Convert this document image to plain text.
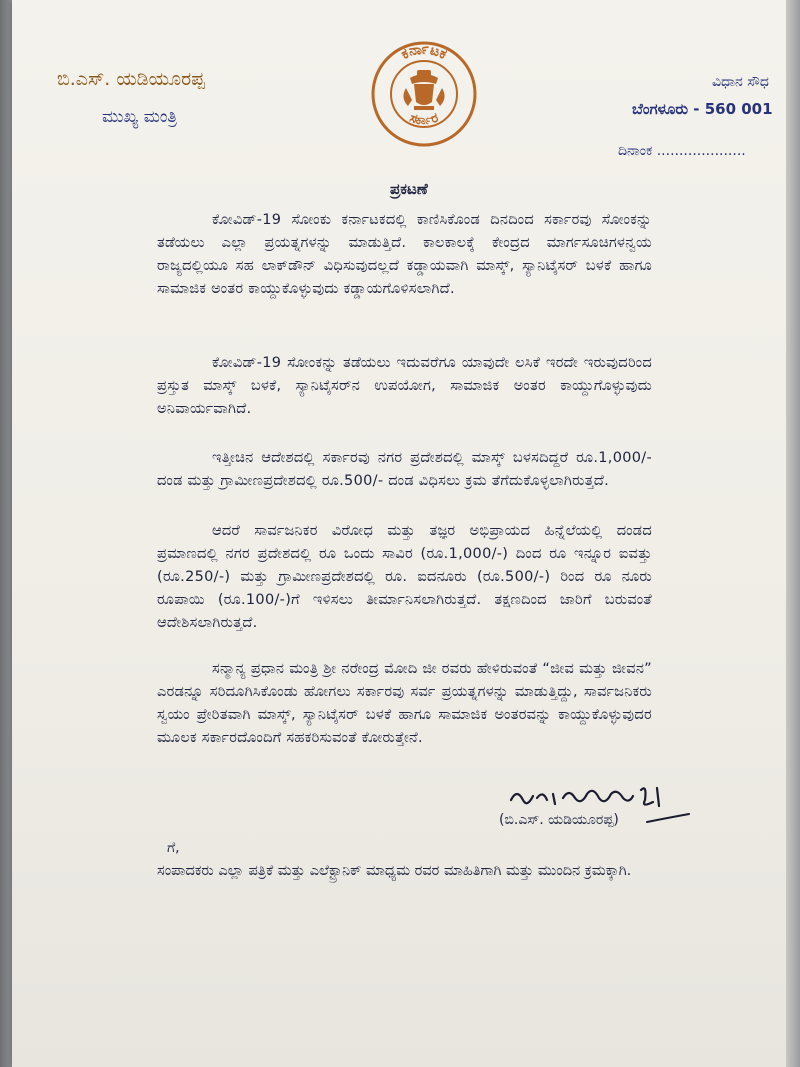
ಬಿ.ಎಸ್. ಯಡಿಯೂರಪ್ಪ
ಮುಖ್ಯ ಮಂತ್ರಿ
ಕರ್ನಾಟಕ
ಸರ್ಕಾರ
ವಿಧಾನ ಸೌಧ
ಬೆಂಗಳೂರು - 560 001
ದಿನಾಂಕ ....................
ಪ್ರಕಟಣೆ
ಕೋವಿಡ್-19 ಸೋಂಕು ಕರ್ನಾಟಕದಲ್ಲಿ ಕಾಣಿಸಿಕೊಂಡ ದಿನದಿಂದ ಸರ್ಕಾರವು ಸೋಂಕನ್ನು ತಡೆಯಲು ಎಲ್ಲಾ ಪ್ರಯತ್ನಗಳನ್ನು ಮಾಡುತ್ತಿದೆ. ಕಾಲಕಾಲಕ್ಕೆ ಕೇಂದ್ರದ ಮಾರ್ಗಸೂಚಿಗಳನ್ವಯ ರಾಜ್ಯದಲ್ಲಿಯೂ ಸಹ ಲಾಕ್‌ಡೌನ್ ವಿಧಿಸುವುದಲ್ಲದೆ ಕಡ್ಡಾಯವಾಗಿ ಮಾಸ್ಕ್, ಸ್ಯಾನಿಟೈಸರ್ ಬಳಕೆ ಹಾಗೂ ಸಾಮಾಜಿಕ ಅಂತರ ಕಾಯ್ದುಕೊಳ್ಳುವುದು ಕಡ್ಡಾಯಗೊಳಿಸಲಾಗಿದೆ.
ಕೋವಿಡ್-19 ಸೋಂಕನ್ನು ತಡೆಯಲು ಇದುವರೆಗೂ ಯಾವುದೇ ಲಸಿಕೆ ಇರದೇ ಇರುವುದರಿಂದ ಪ್ರಸ್ತುತ ಮಾಸ್ಕ್ ಬಳಕೆ, ಸ್ಯಾನಿಟೈಸರ್‌ನ ಉಪಯೋಗ, ಸಾಮಾಜಿಕ ಅಂತರ ಕಾಯ್ದುಗೊಳ್ಳುವುದು ಅನಿವಾರ್ಯವಾಗಿದೆ.
ಇತ್ತೀಚಿನ ಆದೇಶದಲ್ಲಿ ಸರ್ಕಾರವು ನಗರ ಪ್ರದೇಶದಲ್ಲಿ ಮಾಸ್ಕ್ ಬಳಸದಿದ್ದರೆ ರೂ.1,000/- ದಂಡ ಮತ್ತು ಗ್ರಾಮೀಣಪ್ರದೇಶದಲ್ಲಿ ರೂ.500/- ದಂಡ ವಿಧಿಸಲು ಕ್ರಮ ತೆಗೆದುಕೊಳ್ಳಲಾಗಿರುತ್ತದೆ.
ಆದರೆ ಸಾರ್ವಜನಿಕರ ವಿರೋಧ ಮತ್ತು ತಜ್ಞರ ಅಭಿಪ್ರಾಯದ ಹಿನ್ನೆಲೆಯಲ್ಲಿ ದಂಡದ ಪ್ರಮಾಣದಲ್ಲಿ ನಗರ ಪ್ರದೇಶದಲ್ಲಿ ರೂ ಒಂದು ಸಾವಿರ (ರೂ.1,000/-) ದಿಂದ ರೂ ಇನ್ನೂರ ಐವತ್ತು (ರೂ.250/-) ಮತ್ತು ಗ್ರಾಮೀಣಪ್ರದೇಶದಲ್ಲಿ ರೂ. ಐದನೂರು (ರೂ.500/-) ರಿಂದ ರೂ ನೂರು ರೂಪಾಯಿ (ರೂ.100/-)ಗೆ ಇಳಿಸಲು ತೀರ್ಮಾನಿಸಲಾಗಿರುತ್ತದೆ. ತಕ್ಷಣದಿಂದ ಜಾರಿಗೆ ಬರುವಂತೆ ಆದೇಶಿಸಲಾಗಿರುತ್ತದೆ.
ಸನ್ಮಾನ್ಯ ಪ್ರಧಾನ ಮಂತ್ರಿ ಶ್ರೀ ನರೇಂದ್ರ ಮೋದಿ ಜೀ ರವರು ಹೇಳಿರುವಂತೆ “ಜೀವ ಮತ್ತು ಜೀವನ” ಎರಡನ್ನೂ ಸರಿದೂಗಿಸಿಕೊಂಡು ಹೋಗಲು ಸರ್ಕಾರವು ಸರ್ವ ಪ್ರಯತ್ನಗಳನ್ನು ಮಾಡುತ್ತಿದ್ದು, ಸಾರ್ವಜನಿಕರು ಸ್ವಯಂ ಪ್ರೇರಿತವಾಗಿ ಮಾಸ್ಕ್, ಸ್ಯಾನಿಟೈಸರ್ ಬಳಕೆ ಹಾಗೂ ಸಾಮಾಜಿಕ ಅಂತರವನ್ನು ಕಾಯ್ದುಕೊಳ್ಳುವುದರ ಮೂಲಕ ಸರ್ಕಾರದೊಂದಿಗೆ ಸಹಕರಿಸುವಂತೆ ಕೋರುತ್ತೇನೆ.
(ಬಿ.ಎಸ್. ಯಡಿಯೂರಪ್ಪ)
ಗೆ,
ಸಂಪಾದಕರು ಎಲ್ಲಾ ಪತ್ರಿಕೆ ಮತ್ತು ಎಲೆಕ್ಟ್ರಾನಿಕ್ ಮಾಧ್ಯಮ ರವರ ಮಾಹಿತಿಗಾಗಿ ಮತ್ತು ಮುಂದಿನ ಕ್ರಮಕ್ಕಾಗಿ.
